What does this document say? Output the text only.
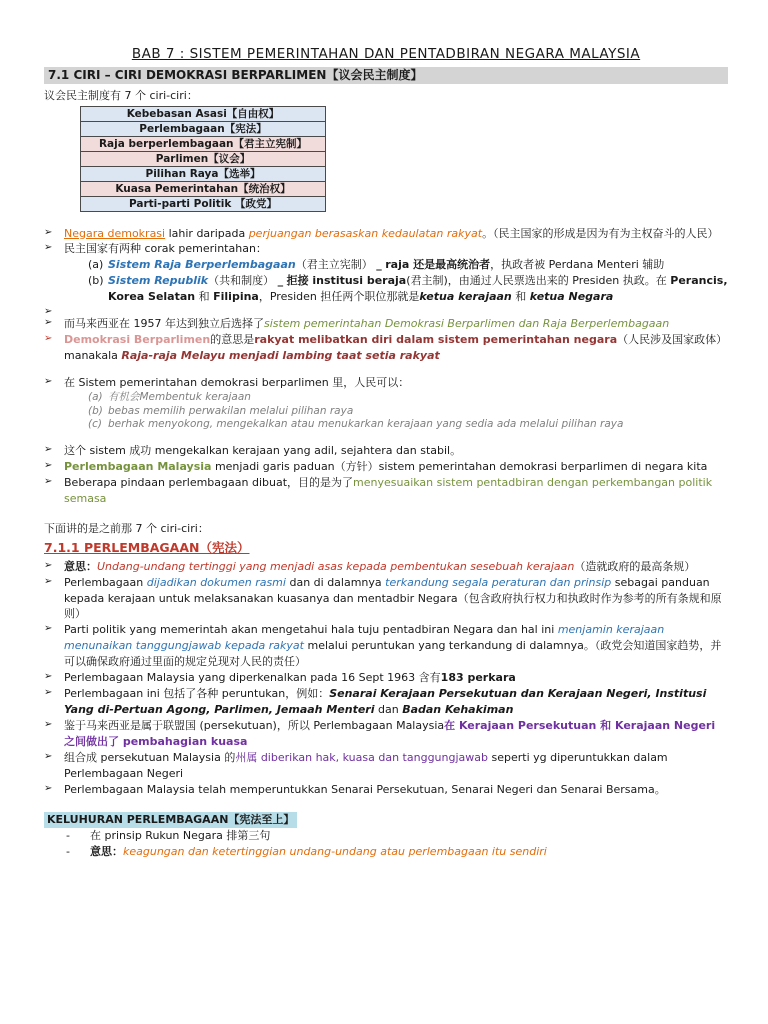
BAB 7 : SISTEM PEMERINTAHAN DAN PENTADBIRAN NEGARA MALAYSIA
7.1 CIRI – CIRI DEMOKRASI BERPARLIMEN【议会民主制度】

议会民主制度有 7 个 ciri-ciri：

Kebebasan Asasi【自由权】
Perlembagaan【宪法】
Raja berperlembagaan【君主立宪制】
Parlimen【议会】
Pilihan Raya【选举】
Kuasa Pemerintahan【统治权】
Parti-parti Politik 【政党】
➢ Negara demokrasi lahir daripada perjuangan berasaskan kedaulatan rakyat。（民主国家的形成是因为有为主权奋斗的人民）
➢ 民主国家有两种 corak pemerintahan：
(a) Sistem Raja Berperlembagaan（君主立宪制） _ raja 还是最高统治者，执政者被 Perdana Menteri 辅助
(b) Sistem Republik（共和制度） _ 拒接 institusi beraja(君主制)，由通过人民票选出来的 Presiden 执政。在 Perancis, Korea Selatan 和 Filipina，Presiden 担任两个职位那就是ketua kerajaan 和 ketua Negara
➢
➢ 而马来西亚在 1957 年达到独立后选择了sistem pemerintahan Demokrasi Berparlimen dan Raja Berperlembagaan
➢ Demokrasi Berparlimen的意思是rakyat melibatkan diri dalam sistem pemerintahan negara（人民涉及国家政体）manakala Raja-raja Melayu menjadi lambing taat setia rakyat
➢ 在 Sistem pemerintahan demokrasi berparlimen 里，人民可以：
(a) 有机会Membentuk kerajaan
(b) bebas memilih perwakilan melalui pilihan raya
(c) berhak menyokong, mengekalkan atau menukarkan kerajaan yang sedia ada melalui pilihan raya
➢ 这个 sistem 成功 mengekalkan kerajaan yang adil, sejahtera dan stabil。
➢ Perlembagaan Malaysia menjadi garis paduan（方针）sistem pemerintahan demokrasi berparlimen di negara kita
➢ Beberapa pindaan perlembagaan dibuat，目的是为了menyesuaikan sistem pentadbiran dengan perkembangan politik semasa

下面讲的是之前那 7 个 ciri-ciri：

7.1.1 PERLEMBAGAAN（宪法）
➢ 意思：Undang-undang tertinggi yang menjadi asas kepada pembentukan sesebuah kerajaan（造就政府的最高条规）
➢ Perlembagaan dijadikan dokumen rasmi dan di dalamnya terkandung segala peraturan dan prinsip sebagai panduan kepada kerajaan untuk melaksanakan kuasanya dan mentadbir Negara（包含政府执行权力和执政时作为参考的所有条规和原则）
➢ Parti politik yang memerintah akan mengetahui hala tuju pentadbiran Negara dan hal ini menjamin kerajaan menunaikan tanggungjawab kepada rakyat melalui peruntukan yang terkandung di dalamnya。（政党会知道国家趋势，并可以确保政府通过里面的规定兑现对人民的责任）
➢ Perlembagaan Malaysia yang diperkenalkan pada 16 Sept 1963 含有183 perkara
➢ Perlembagaan ini 包括了各种 peruntukan，例如：Senarai Kerajaan Persekutuan dan Kerajaan Negeri, Institusi Yang di-Pertuan Agong, Parlimen, Jemaah Menteri dan Badan Kehakiman
➢ 鉴于马来西亚是属于联盟国 (persekutuan)，所以 Perlembagaan Malaysia在 Kerajaan Persekutuan 和 Kerajaan Negeri 之间做出了 pembahagian kuasa
➢ 组合成 persekutuan Malaysia 的州属 diberikan hak, kuasa dan tanggungjawab seperti yg diperuntukkan dalam Perlembagaan Negeri
➢ Perlembagaan Malaysia telah memperuntukkan Senarai Persekutuan, Senarai Negeri dan Senarai Bersama。
KELUHURAN PERLEMBAGAAN【宪法至上】
- 在 prinsip Rukun Negara 排第三句
- 意思：keagungan dan ketertinggian undang-undang atau perlembagaan itu sendiri
